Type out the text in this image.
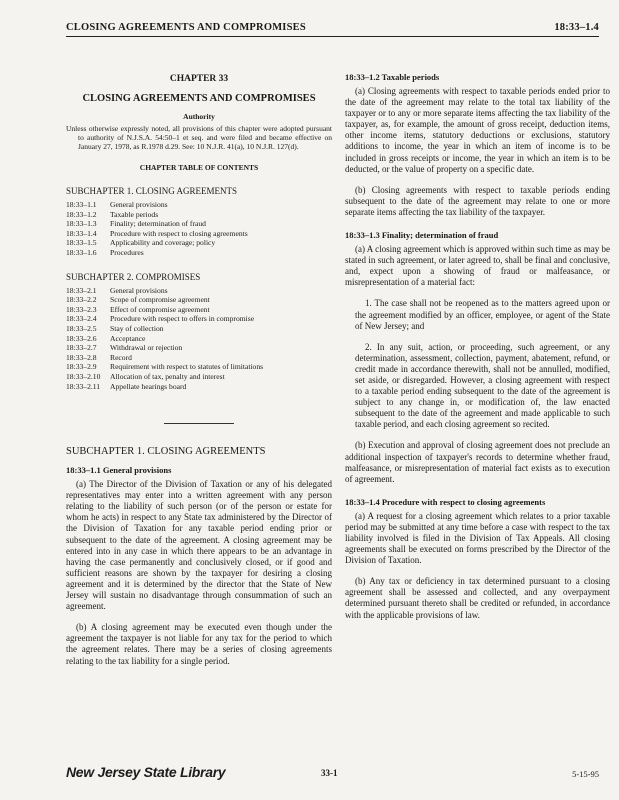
CLOSING AGREEMENTS AND COMPROMISES	18:33–1.4
CHAPTER 33
CLOSING AGREEMENTS AND COMPROMISES
Authority
Unless otherwise expressly noted, all provisions of this chapter were adopted pursuant to authority of N.J.S.A. 54:50–1 et seq. and were filed and became effective on January 27, 1978, as R.1978 d.29. See: 10 N.J.R. 41(a), 10 N.J.R. 127(d).
CHAPTER TABLE OF CONTENTS
SUBCHAPTER 1. CLOSING AGREEMENTS
18:33–1.1	General provisions
18:33–1.2	Taxable periods
18:33–1.3	Finality; determination of fraud
18:33–1.4	Procedure with respect to closing agreements
18:33–1.5	Applicability and coverage; policy
18:33–1.6	Procedures
SUBCHAPTER 2. COMPROMISES
18:33–2.1	General provisions
18:33–2.2	Scope of compromise agreement
18:33–2.3	Effect of compromise agreement
18:33–2.4	Procedure with respect to offers in compromise
18:33–2.5	Stay of collection
18:33–2.6	Acceptance
18:33–2.7	Withdrawal or rejection
18:33–2.8	Record
18:33–2.9	Requirement with respect to statutes of limitations
18:33–2.10	Allocation of tax, penalty and interest
18:33–2.11	Appellate hearings board
SUBCHAPTER 1. CLOSING AGREEMENTS
18:33–1.1 General provisions

(a) The Director of the Division of Taxation or any of his delegated representatives may enter into a written agreement with any person relating to the liability of such person (or of the person or estate for whom he acts) in respect to any State tax administered by the Director of the Division of Taxation for any taxable period ending prior or subsequent to the date of the agreement. A closing agreement may be entered into in any case in which there appears to be an advantage in having the case permanently and conclusively closed, or if good and sufficient reasons are shown by the taxpayer for desiring a closing agreement and it is determined by the director that the State of New Jersey will sustain no disadvantage through consummation of such an agreement.

(b) A closing agreement may be executed even though under the agreement the taxpayer is not liable for any tax for the period to which the agreement relates. There may be a series of closing agreements relating to the tax liability for a single period.

18:33–1.2 Taxable periods

(a) Closing agreements with respect to taxable periods ended prior to the date of the agreement may relate to the total tax liability of the taxpayer or to any or more separate items affecting the tax liability of the taxpayer, as, for example, the amount of gross receipt, deduction items, other income items, statutory deductions or exclusions, statutory additions to income, the year in which an item of income is to be included in gross receipts or income, the year in which an item is to be deducted, or the value of property on a specific date.

(b) Closing agreements with respect to taxable periods ending subsequent to the date of the agreement may relate to one or more separate items affecting the tax liability of the taxpayer.

18:33–1.3 Finality; determination of fraud

(a) A closing agreement which is approved within such time as may be stated in such agreement, or later agreed to, shall be final and conclusive, and, expect upon a showing of fraud or malfeasance, or misrepresentation of a material fact:

1. The case shall not be reopened as to the matters agreed upon or the agreement modified by an officer, employee, or agent of the State of New Jersey; and

2. In any suit, action, or proceeding, such agreement, or any determination, assessment, collection, payment, abatement, refund, or credit made in accordance therewith, shall not be annulled, modified, set aside, or disregarded. However, a closing agreement with respect to a taxable period ending subsequent to the date of the agreement is subject to any change in, or modification of, the law enacted subsequent to the date of the agreement and made applicable to such taxable period, and each closing agreement so recited.

(b) Execution and approval of closing agreement does not preclude an additional inspection of taxpayer's records to determine whether fraud, malfeasance, or misrepresentation of material fact exists as to execution of agreement.

18:33–1.4 Procedure with respect to closing agreements

(a) A request for a closing agreement which relates to a prior taxable period may be submitted at any time before a case with respect to the tax liability involved is filed in the Division of Tax Appeals. All closing agreements shall be executed on forms prescribed by the Director of the Division of Taxation.

(b) Any tax or deficiency in tax determined pursuant to a closing agreement shall be assessed and collected, and any overpayment determined pursuant thereto shall be credited or refunded, in accordance with the applicable provisions of law.

New Jersey State Library	33-1	5-15-95
